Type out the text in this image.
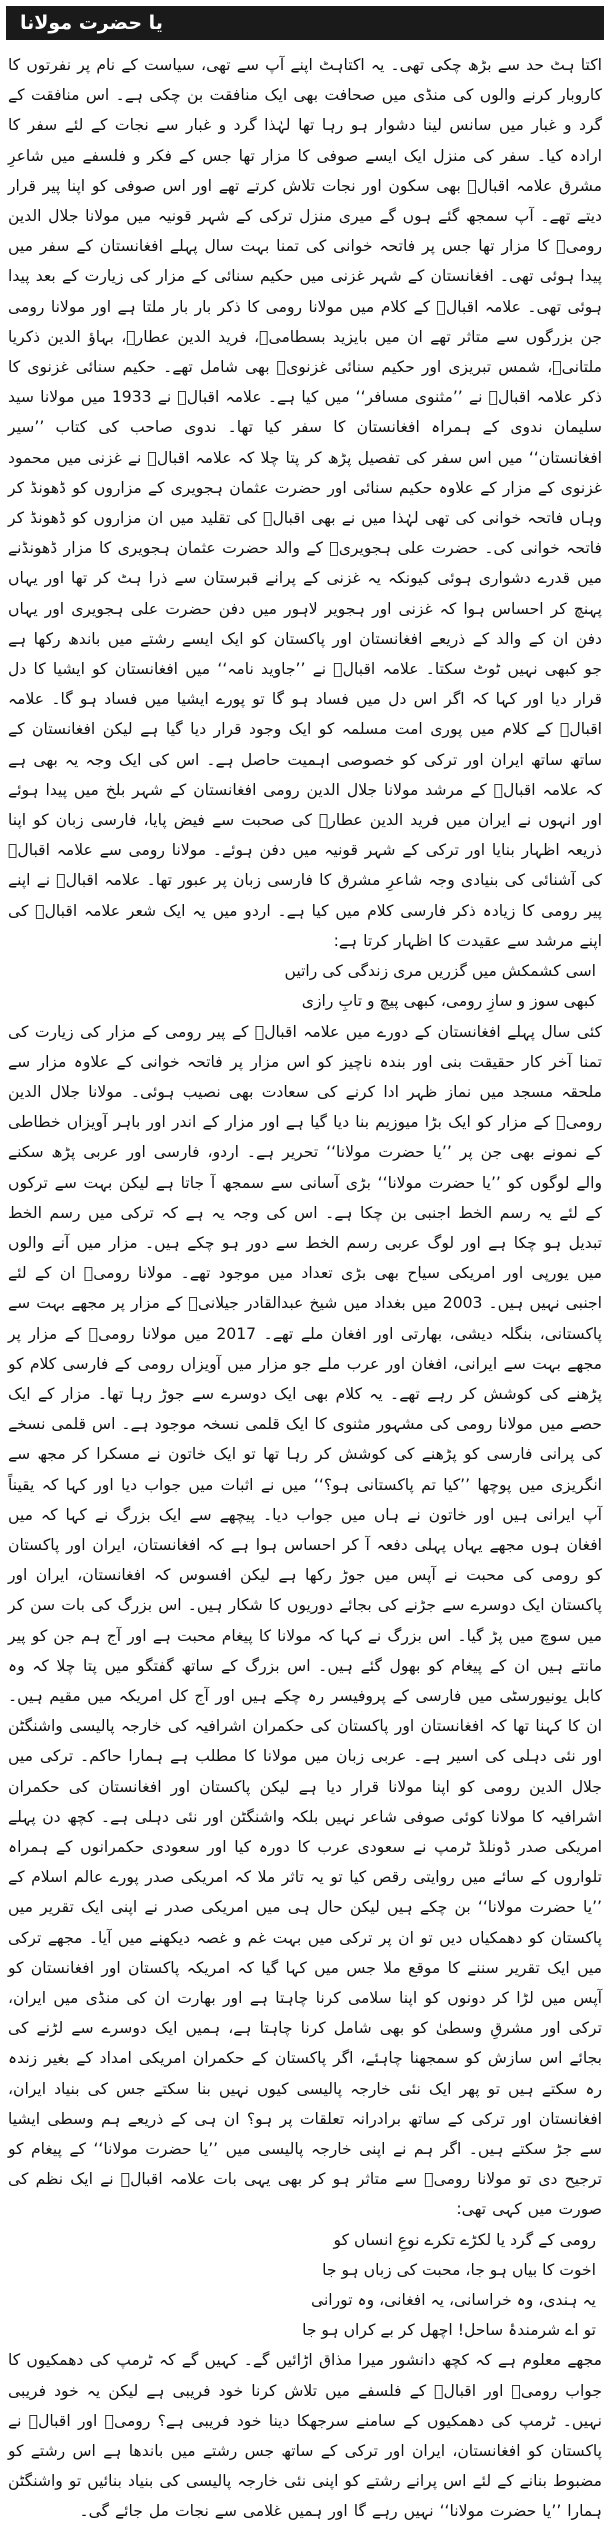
یا حضرت مولانا

اکتا ہٹ حد سے بڑھ چکی تھی۔ یہ اکتاہٹ اپنے آپ سے تھی، سیاست کے نام پر نفرتوں کا کاروبار کرنے والوں کی منڈی میں صحافت بھی ایک منافقت بن چکی ہے۔ اس منافقت کے گرد و غبار میں سانس لینا دشوار ہو رہا تھا لہٰذا گرد و غبار سے نجات کے لئے سفر کا ارادہ کیا۔ سفر کی منزل ایک ایسے صوفی کا مزار تھا جس کے فکر و فلسفے میں شاعرِ مشرق علامہ اقبالؒ بھی سکون اور نجات تلاش کرتے تھے اور اس صوفی کو اپنا پیر قرار دیتے تھے۔ آپ سمجھ گئے ہوں گے میری منزل ترکی کے شہر قونیہ میں مولانا جلال الدین رومیؒ کا مزار تھا جس پر فاتحہ خوانی کی تمنا بہت سال پہلے افغانستان کے سفر میں پیدا ہوئی تھی۔ افغانستان کے شہر غزنی میں حکیم سنائی کے مزار کی زیارت کے بعد پیدا ہوئی تھی۔ علامہ اقبالؒ کے کلام میں مولانا رومی کا ذکر بار بار ملتا ہے اور مولانا رومی جن بزرگوں سے متاثر تھے ان میں بایزید بسطامیؒ، فرید الدین عطارؒ، بہاؤ الدین ذکریا ملتانیؒ، شمس تبریزی اور حکیم سنائی غزنویؒ بھی شامل تھے۔ حکیم سنائی غزنوی کا ذکر علامہ اقبالؒ نے ’’مثنوی مسافر‘‘ میں کیا ہے۔ علامہ اقبالؒ نے 1933 میں مولانا سید سلیمان ندوی کے ہمراہ افغانستان کا سفر کیا تھا۔ ندوی صاحب کی کتاب ’’سیر افغانستان‘‘ میں اس سفر کی تفصیل پڑھ کر پتا چلا کہ علامہ اقبالؒ نے غزنی میں محمود غزنوی کے مزار کے علاوہ حکیم سنائی اور حضرت عثمان ہجویری کے مزاروں کو ڈھونڈ کر وہاں فاتحہ خوانی کی تھی لہٰذا میں نے بھی اقبالؒ کی تقلید میں ان مزاروں کو ڈھونڈ کر فاتحہ خوانی کی۔ حضرت علی ہجویریؒ کے والد حضرت عثمان ہجویری کا مزار ڈھونڈنے میں قدرے دشواری ہوئی کیونکہ یہ غزنی کے پرانے قبرستان سے ذرا ہٹ کر تھا اور یہاں پہنچ کر احساس ہوا کہ غزنی اور ہجویر لاہور میں دفن حضرت علی ہجویری اور یہاں دفن ان کے والد کے ذریعے افغانستان اور پاکستان کو ایک ایسے رشتے میں باندھ رکھا ہے جو کبھی نہیں ٹوٹ سکتا۔ علامہ اقبالؒ نے ’’جاوید نامہ‘‘ میں افغانستان کو ایشیا کا دل قرار دیا اور کہا کہ اگر اس دل میں فساد ہو گا تو پورے ایشیا میں فساد ہو گا۔ علامہ اقبالؒ کے کلام میں پوری امت مسلمہ کو ایک وجود قرار دیا گیا ہے لیکن افغانستان کے ساتھ ساتھ ایران اور ترکی کو خصوصی اہمیت حاصل ہے۔ اس کی ایک وجہ یہ بھی ہے کہ علامہ اقبالؒ کے مرشد مولانا جلال الدین رومی افغانستان کے شہر بلخ میں پیدا ہوئے اور انہوں نے ایران میں فرید الدین عطارؒ کی صحبت سے فیض پایا، فارسی زبان کو اپنا ذریعہ اظہار بنایا اور ترکی کے شہر قونیہ میں دفن ہوئے۔ مولانا رومی سے علامہ اقبالؒ کی آشنائی کی بنیادی وجہ شاعرِ مشرق کا فارسی زبان پر عبور تھا۔ علامہ اقبالؒ نے اپنے پیر رومی کا زیادہ ذکر فارسی کلام میں کیا ہے۔ اردو میں یہ ایک شعر علامہ اقبالؒ کی اپنے مرشد سے عقیدت کا اظہار کرتا ہے:

اسی کشمکش میں گزریں مری زندگی کی راتیں

کبھی سوز و سازِ رومی، کبھی پیچ و تابِ رازی

کئی سال پہلے افغانستان کے دورے میں علامہ اقبالؒ کے پیر رومی کے مزار کی زیارت کی تمنا آخر کار حقیقت بنی اور بندہ ناچیز کو اس مزار پر فاتحہ خوانی کے علاوہ مزار سے ملحقہ مسجد میں نماز ظہر ادا کرنے کی سعادت بھی نصیب ہوئی۔ مولانا جلال الدین رومیؒ کے مزار کو ایک بڑا میوزیم بنا دیا گیا ہے اور مزار کے اندر اور باہر آویزاں خطاطی کے نمونے بھی جن پر ’’یا حضرت مولانا‘‘ تحریر ہے۔ اردو، فارسی اور عربی پڑھ سکنے والے لوگوں کو ’’یا حضرت مولانا‘‘ بڑی آسانی سے سمجھ آ جاتا ہے لیکن بہت سے ترکوں کے لئے یہ رسم الخط اجنبی بن چکا ہے۔ اس کی وجہ یہ ہے کہ ترکی میں رسم الخط تبدیل ہو چکا ہے اور لوگ عربی رسم الخط سے دور ہو چکے ہیں۔ مزار میں آنے والوں میں یورپی اور امریکی سیاح بھی بڑی تعداد میں موجود تھے۔ مولانا رومیؒ ان کے لئے اجنبی نہیں ہیں۔ 2003 میں بغداد میں شیخ عبدالقادر جیلانیؒ کے مزار پر مجھے بہت سے پاکستانی، بنگلہ دیشی، بھارتی اور افغان ملے تھے۔ 2017 میں مولانا رومیؒ کے مزار پر مجھے بہت سے ایرانی، افغان اور عرب ملے جو مزار میں آویزاں رومی کے فارسی کلام کو پڑھنے کی کوشش کر رہے تھے۔ یہ کلام بھی ایک دوسرے سے جوڑ رہا تھا۔ مزار کے ایک حصے میں مولانا رومی کی مشہور مثنوی کا ایک قلمی نسخہ موجود ہے۔ اس قلمی نسخے کی پرانی فارسی کو پڑھنے کی کوشش کر رہا تھا تو ایک خاتون نے مسکرا کر مجھ سے انگریزی میں پوچھا ’’کیا تم پاکستانی ہو؟‘‘ میں نے اثبات میں جواب دیا اور کہا کہ یقیناً آپ ایرانی ہیں اور خاتون نے ہاں میں جواب دیا۔ پیچھے سے ایک بزرگ نے کہا کہ میں افغان ہوں مجھے یہاں پہلی دفعہ آ کر احساس ہوا ہے کہ افغانستان، ایران اور پاکستان کو رومی کی محبت نے آپس میں جوڑ رکھا ہے لیکن افسوس کہ افغانستان، ایران اور پاکستان ایک دوسرے سے جڑنے کی بجائے دوریوں کا شکار ہیں۔ اس بزرگ کی بات سن کر میں سوچ میں پڑ گیا۔ اس بزرگ نے کہا کہ مولانا کا پیغام محبت ہے اور آج ہم جن کو پیر مانتے ہیں ان کے پیغام کو بھول گئے ہیں۔ اس بزرگ کے ساتھ گفتگو میں پتا چلا کہ وہ کابل یونیورسٹی میں فارسی کے پروفیسر رہ چکے ہیں اور آج کل امریکہ میں مقیم ہیں۔ ان کا کہنا تھا کہ افغانستان اور پاکستان کی حکمران اشرافیہ کی خارجہ پالیسی واشنگٹن اور نئی دہلی کی اسیر ہے۔ عربی زبان میں مولانا کا مطلب ہے ہمارا حاکم۔ ترکی میں جلال الدین رومی کو اپنا مولانا قرار دیا ہے لیکن پاکستان اور افغانستان کی حکمران اشرافیہ کا مولانا کوئی صوفی شاعر نہیں بلکہ واشنگٹن اور نئی دہلی ہے۔ کچھ دن پہلے امریکی صدر ڈونلڈ ٹرمپ نے سعودی عرب کا دورہ کیا اور سعودی حکمرانوں کے ہمراہ تلواروں کے سائے میں روایتی رقص کیا تو یہ تاثر ملا کہ امریکی صدر پورے عالم اسلام کے ’’یا حضرت مولانا‘‘ بن چکے ہیں لیکن حال ہی میں امریکی صدر نے اپنی ایک تقریر میں پاکستان کو دھمکیاں دیں تو ان پر ترکی میں بہت غم و غصہ دیکھنے میں آیا۔ مجھے ترکی میں ایک تقریر سننے کا موقع ملا جس میں کہا گیا کہ امریکہ پاکستان اور افغانستان کو آپس میں لڑا کر دونوں کو اپنا سلامی کرنا چاہتا ہے اور بھارت ان کی منڈی میں ایران، ترکی اور مشرقِ وسطیٰ کو بھی شامل کرنا چاہتا ہے، ہمیں ایک دوسرے سے لڑنے کی بجائے اس سازش کو سمجھنا چاہئے، اگر پاکستان کے حکمران امریکی امداد کے بغیر زندہ رہ سکتے ہیں تو پھر ایک نئی خارجہ پالیسی کیوں نہیں بنا سکتے جس کی بنیاد ایران، افغانستان اور ترکی کے ساتھ برادرانہ تعلقات پر ہو؟ ان ہی کے ذریعے ہم وسطی ایشیا سے جڑ سکتے ہیں۔ اگر ہم نے اپنی خارجہ پالیسی میں ’’یا حضرت مولانا‘‘ کے پیغام کو ترجیح دی تو مولانا رومیؒ سے متاثر ہو کر بھی یہی بات علامہ اقبالؒ نے ایک نظم کی صورت میں کہی تھی:

رومی کے گرد یا لکڑے تکرے نوعِ انساں کو

اخوت کا بیاں ہو جا، محبت کی زباں ہو جا

یہ ہندی، وہ خراسانی، یہ افغانی، وہ تورانی

تو اے شرمندۂ ساحل! اچھل کر بے کراں ہو جا

مجھے معلوم ہے کہ کچھ دانشور میرا مذاق اڑائیں گے۔ کہیں گے کہ ٹرمپ کی دھمکیوں کا جواب رومیؒ اور اقبالؒ کے فلسفے میں تلاش کرنا خود فریبی ہے لیکن یہ خود فریبی نہیں۔ ٹرمپ کی دھمکیوں کے سامنے سرجھکا دینا خود فریبی ہے؟ رومیؒ اور اقبالؒ نے پاکستان کو افغانستان، ایران اور ترکی کے ساتھ جس رشتے میں باندھا ہے اس رشتے کو مضبوط بنانے کے لئے اس پرانے رشتے کو اپنی نئی خارجہ پالیسی کی بنیاد بنائیں تو واشنگٹن ہمارا ’’یا حضرت مولانا‘‘ نہیں رہے گا اور ہمیں غلامی سے نجات مل جائے گی۔
